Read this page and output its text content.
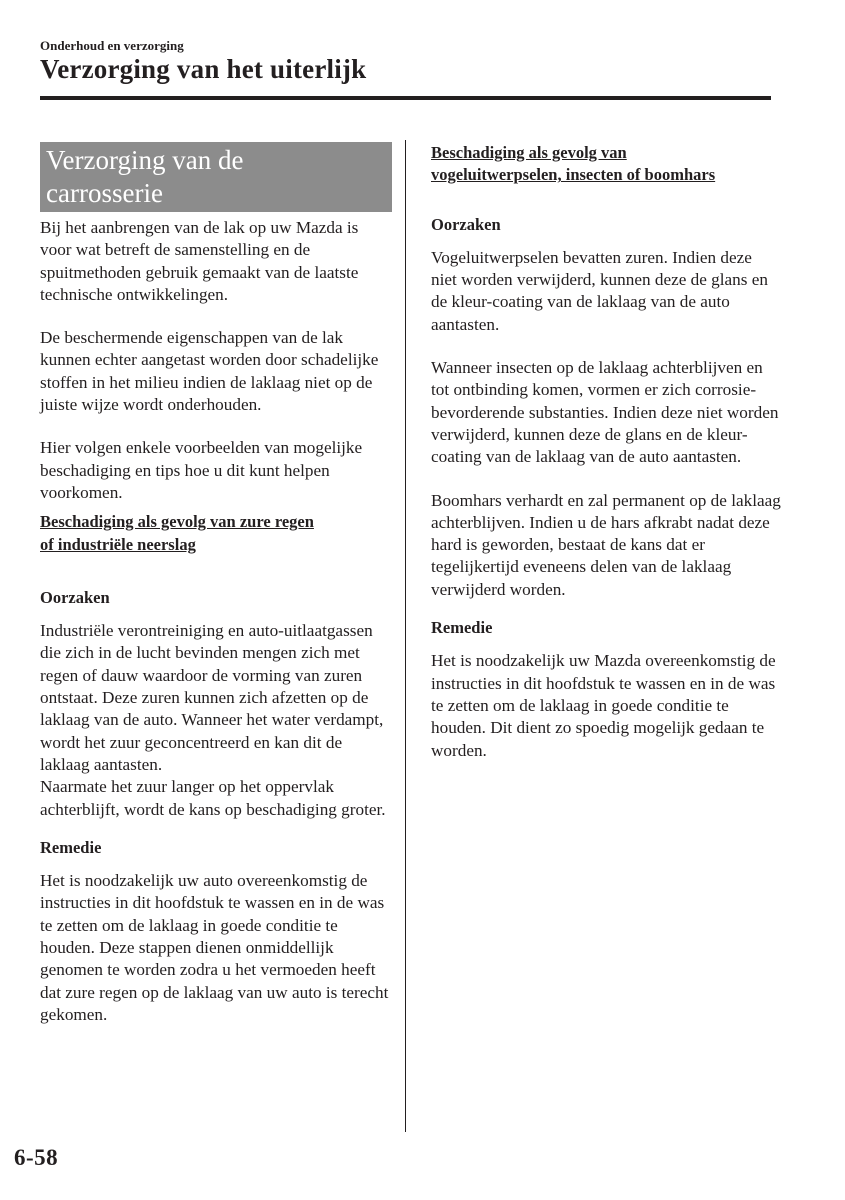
Onderhoud en verzorging
Verzorging van het uiterlijk
Verzorging van de
carrosserie

Bij het aanbrengen van de lak op uw Mazda is voor wat betreft de samenstelling en de spuitmethoden gebruik gemaakt van de laatste technische ontwikkelingen.

De beschermende eigenschappen van de lak kunnen echter aangetast worden door schadelijke stoffen in het milieu indien de laklaag niet op de juiste wijze wordt onderhouden.

Hier volgen enkele voorbeelden van mogelijke beschadiging en tips hoe u dit kunt helpen voorkomen.

Beschadiging als gevolg van zure regen
of industriële neerslag
Oorzaken

Industriële verontreiniging en auto-uitlaatgassen die zich in de lucht bevinden mengen zich met regen of dauw waardoor de vorming van zuren ontstaat. Deze zuren kunnen zich afzetten op de laklaag van de auto. Wanneer het water verdampt, wordt het zuur geconcentreerd en kan dit de laklaag aantasten.

Naarmate het zuur langer op het oppervlak achterblijft, wordt de kans op beschadiging groter.

Remedie

Het is noodzakelijk uw auto overeenkomstig de instructies in dit hoofdstuk te wassen en in de was te zetten om de laklaag in goede conditie te houden. Deze stappen dienen onmiddellijk genomen te worden zodra u het vermoeden heeft dat zure regen op de laklaag van uw auto is terecht gekomen.

Beschadiging als gevolg van
vogeluitwerpselen, insecten of boomhars
Oorzaken

Vogeluitwerpselen bevatten zuren. Indien deze niet worden verwijderd, kunnen deze de glans en de kleur-coating van de laklaag van de auto aantasten.

Wanneer insecten op de laklaag achterblijven en tot ontbinding komen, vormen er zich corrosie-bevorderende substanties. Indien deze niet worden verwijderd, kunnen deze de glans en de kleur-coating van de laklaag van de auto aantasten.

Boomhars verhardt en zal permanent op de laklaag achterblijven. Indien u de hars afkrabt nadat deze hard is geworden, bestaat de kans dat er tegelijkertijd eveneens delen van de laklaag verwijderd worden.

Remedie

Het is noodzakelijk uw Mazda overeenkomstig de instructies in dit hoofdstuk te wassen en in de was te zetten om de laklaag in goede conditie te houden. Dit dient zo spoedig mogelijk gedaan te worden.

6-58
